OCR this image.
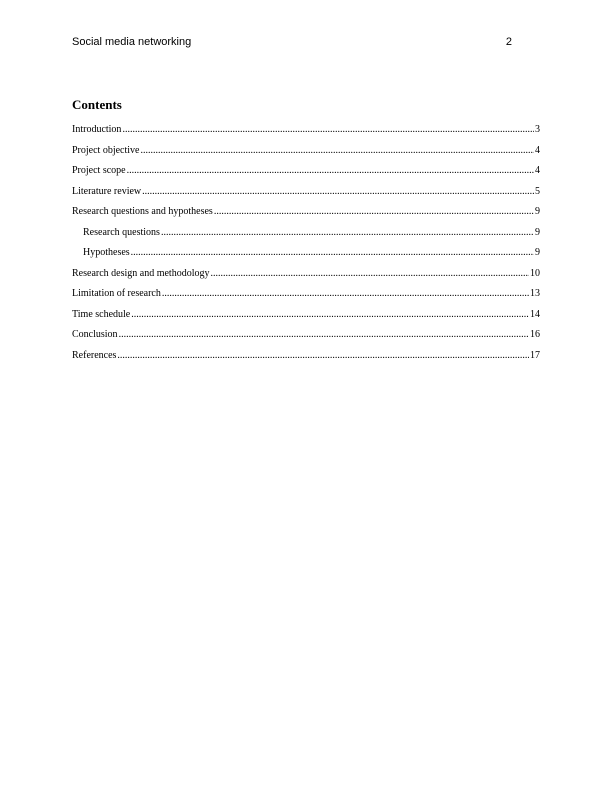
Social media networking	2
Contents
Introduction .....	3
Project objective .....	4
Project scope .....	4
Literature review .....	5
Research questions and hypotheses .....	9
Research questions .....	9
Hypotheses .....	9
Research design and methodology .....	10
Limitation of research .....	13
Time schedule .....	14
Conclusion .....	16
References .....	17
